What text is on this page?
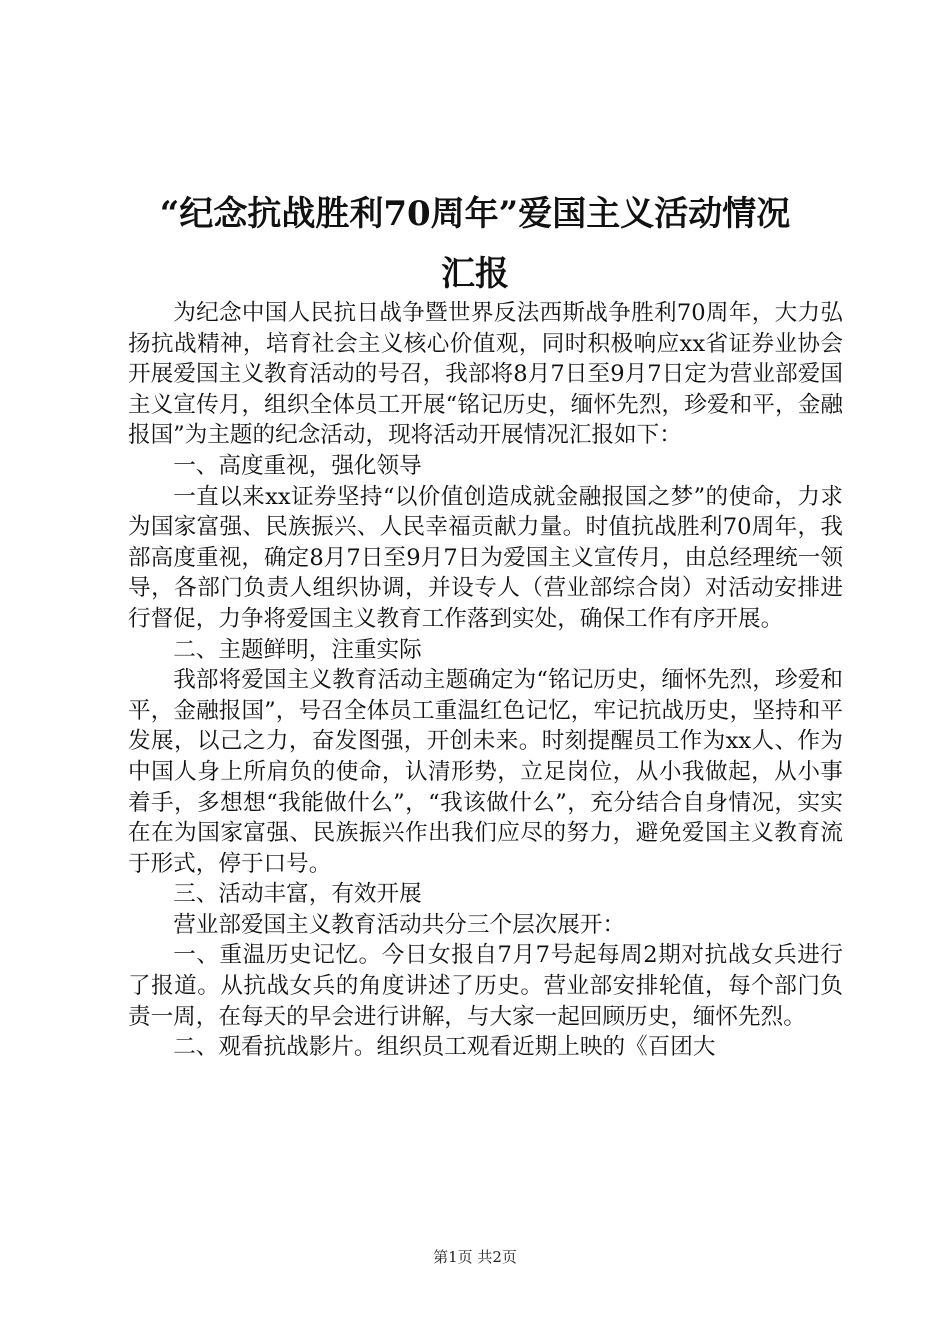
“纪念抗战胜利70周年”爱国主义活动情况
汇报

为纪念中国人民抗日战争暨世界反法西斯战争胜利70周年，大力弘扬抗战精神，培育社会主义核心价值观，同时积极响应xx省证券业协会开展爱国主义教育活动的号召，我部将8月7日至9月7日定为营业部爱国主义宣传月，组织全体员工开展“铭记历史，缅怀先烈，珍爱和平，金融报国”为主题的纪念活动，现将活动开展情况汇报如下：

一、高度重视，强化领导

一直以来xx证券坚持“以价值创造成就金融报国之梦”的使命，力求为国家富强、民族振兴、人民幸福贡献力量。时值抗战胜利70周年，我部高度重视，确定8月7日至9月7日为爱国主义宣传月，由总经理统一领导，各部门负责人组织协调，并设专人（营业部综合岗）对活动安排进行督促，力争将爱国主义教育工作落到实处，确保工作有序开展。

二、主题鲜明，注重实际

我部将爱国主义教育活动主题确定为“铭记历史，缅怀先烈，珍爱和平，金融报国”，号召全体员工重温红色记忆，牢记抗战历史，坚持和平发展，以己之力，奋发图强，开创未来。时刻提醒员工作为xx人、作为中国人身上所肩负的使命，认清形势，立足岗位，从小我做起，从小事着手，多想想“我能做什么”，“我该做什么”，充分结合自身情况，实实在在为国家富强、民族振兴作出我们应尽的努力，避免爱国主义教育流于形式，停于口号。

三、活动丰富，有效开展

营业部爱国主义教育活动共分三个层次展开：

一、重温历史记忆。今日女报自7月7号起每周2期对抗战女兵进行了报道。从抗战女兵的角度讲述了历史。营业部安排轮值，每个部门负责一周，在每天的早会进行讲解，与大家一起回顾历史，缅怀先烈。

二、观看抗战影片。组织员工观看近期上映的《百团大

第1页 共2页
